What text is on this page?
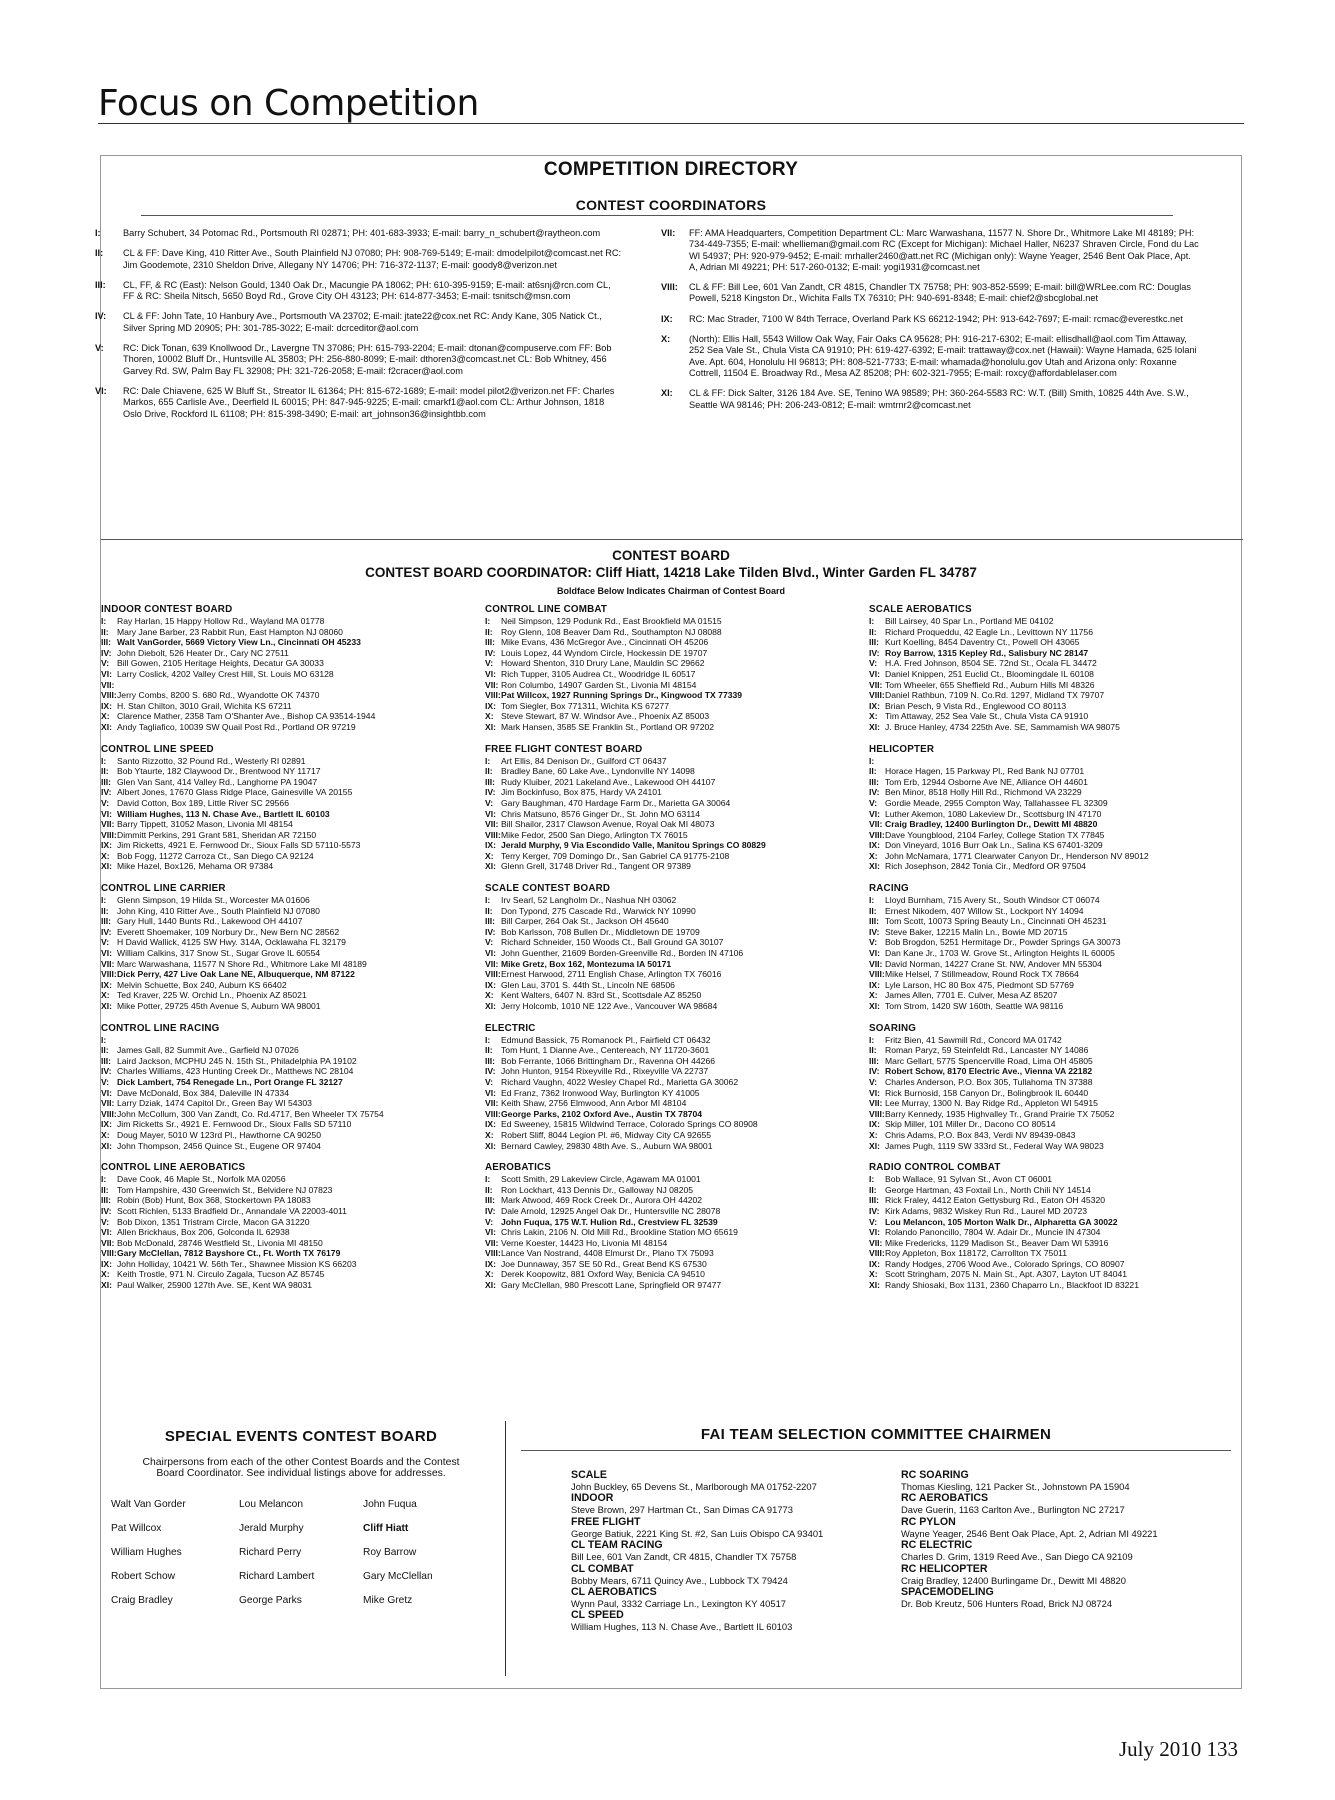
Focus on Competition
COMPETITION DIRECTORY
CONTEST COORDINATORS
I:	Barry Schubert, 34 Potomac Rd., Portsmouth RI 02871; PH: 401-683-3933; E-mail: barry_n_schubert@raytheon.com
II:	CL & FF: Dave King, 410 Ritter Ave., South Plainfield NJ 07080; PH: 908-769-5149; E-mail: dmodelpilot@comcast.net RC: Jim Goodemote, 2310 Sheldon Drive, Allegany NY 14706; PH: 716-372-1137; E-mail: goody8@verizon.net
III:	CL, FF, & RC (East): Nelson Gould, 1340 Oak Dr., Macungie PA 18062; PH: 610-395-9159; E-mail: at6snj@rcn.com CL, FF & RC: Sheila Nitsch, 5650 Boyd Rd., Grove City OH 43123; PH: 614-877-3453; E-mail: tsnitsch@msn.com
IV:	CL & FF: John Tate, 10 Hanbury Ave., Portsmouth VA 23702; E-mail: jtate22@cox.net RC: Andy Kane, 305 Natick Ct., Silver Spring MD 20905; PH: 301-785-3022; E-mail: dcrceditor@aol.com
V:	RC: Dick Tonan, 639 Knollwood Dr., Lavergne TN 37086; PH: 615-793-2204; E-mail: dtonan@compuserve.com FF: Bob Thoren, 10002 Bluff Dr., Huntsville AL 35803; PH: 256-880-8099; E-mail: dthoren3@comcast.net CL: Bob Whitney, 456 Garvey Rd. SW, Palm Bay FL 32908; PH: 321-726-2058; E-mail: f2cracer@aol.com
VI:	RC: Dale Chiavene, 625 W Bluff St., Streator IL 61364; PH: 815-672-1689; E-mail: model pilot2@verizon.net FF: Charles Markos, 655 Carlisle Ave., Deerfield IL 60015; PH: 847-945-9225; E-mail: cmarkf1@aol.com CL: Arthur Johnson, 1818 Oslo Drive, Rockford IL 61108; PH: 815-398-3490; E-mail: art_johnson36@insightbb.com
VII:	FF: AMA Headquarters, Competition Department CL: Marc Warwashana, 11577 N. Shore Dr., Whitmore Lake MI 48189; PH: 734-449-7355; E-mail: whellieman@gmail.com RC (Except for Michigan): Michael Haller, N6237 Shraven Circle, Fond du Lac WI 54937; PH: 920-979-9452; E-mail: mrhaller2460@att.net RC (Michigan only): Wayne Yeager, 2546 Bent Oak Place, Apt. A, Adrian MI 49221; PH: 517-260-0132; E-mail: yogi1931@comcast.net
VIII:	CL & FF: Bill Lee, 601 Van Zandt, CR 4815, Chandler TX 75758; PH: 903-852-5599; E-mail: bill@WRLee.com RC: Douglas Powell, 5218 Kingston Dr., Wichita Falls TX 76310; PH: 940-691-8348; E-mail: chief2@sbcglobal.net
IX:	RC: Mac Strader, 7100 W 84th Terrace, Overland Park KS 66212-1942; PH: 913-642-7697; E-mail: rcmac@everestkc.net
X:	(North): Ellis Hall, 5543 Willow Oak Way, Fair Oaks CA 95628; PH: 916-217-6302; E-mail: ellisdhall@aol.com Tim Attaway, 252 Sea Vale St., Chula Vista CA 91910; PH: 619-427-6392; E-mail: trattaway@cox.net (Hawaii): Wayne Hamada, 625 Iolani Ave. Apt. 604, Honolulu HI 96813; PH: 808-521-7733; E-mail: whamada@honolulu.gov Utah and Arizona only: Roxanne Cottrell, 11504 E. Broadway Rd., Mesa AZ 85208; PH: 602-321-7955; E-mail: roxcy@affordablelaser.com
XI:	CL & FF: Dick Salter, 3126 184 Ave. SE, Tenino WA 98589; PH: 360-264-5583 RC: W.T. (Bill) Smith, 10825 44th Ave. S.W., Seattle WA 98146; PH: 206-243-0812; E-mail: wmtrnr2@comcast.net
CONTEST BOARD
CONTEST BOARD COORDINATOR: Cliff Hiatt, 14218 Lake Tilden Blvd., Winter Garden FL 34787
Boldface Below Indicates Chairman of Contest Board
INDOOR CONTEST BOARD
I:	Ray Harlan, 15 Happy Hollow Rd., Wayland MA 01778
II: Mary Jane Barber, 23 Rabbit Run, East Hampton NJ 08060
III: Walt VanGorder, 5669 Victory View Ln., Cincinnati OH 45233
IV: John Diebolt, 526 Heater Dr., Cary NC 27511
V: Bill Gowen, 2105 Heritage Heights, Decatur GA 30033
VI: Larry Coslick, 4202 Valley Crest Hill, St. Louis MO 63128
VII:
VIII: Jerry Combs, 8200 S. 680 Rd., Wyandotte OK 74370
IX: H. Stan Chilton, 3010 Grail, Wichita KS 67211
X: Clarence Mather, 2358 Tam O'Shanter Ave., Bishop CA 93514-1944
XI: Andy Tagliafico, 10039 SW Quail Post Rd., Portland OR 97219
CONTROL LINE SPEED
I:	Santo Rizzotto, 32 Pound Rd., Westerly RI 02891
II: Bob Ytaurte, 182 Claywood Dr., Brentwood NY 11717
III: Glen Van Sant, 414 Valley Rd., Langhorne PA 19047
IV: Albert Jones, 17670 Glass Ridge Place, Gainesville VA 20155
V: David Cotton, Box 189, Little River SC 29566
VI: William Hughes, 113 N. Chase Ave., Bartlett IL 60103
VII: Barry Tippett, 31052 Mason, Livonia MI 48154
VIII: Dimmitt Perkins, 291 Grant 581, Sheridan AR 72150
IX: Jim Ricketts, 4921 E. Fernwood Dr., Sioux Falls SD 57110-5573
X: Bob Fogg, 11272 Carroza Ct., San Diego CA 92124
XI: Mike Hazel, Box126, Mehama OR 97384
CONTROL LINE CARRIER
I:	Glenn Simpson, 19 Hilda St., Worcester MA 01606
II: John King, 410 Ritter Ave., South Plainfield NJ 07080
III: Gary Hull, 1440 Bunts Rd., Lakewood OH 44107
IV: Everett Shoemaker, 109 Norbury Dr., New Bern NC 28562
V: H David Wallick, 4125 SW Hwy. 314A, Ocklawaha FL 32179
VI: William Calkins, 317 Snow St., Sugar Grove IL 60554
VII: Marc Warwashana, 11577 N Shore Rd., Whitmore Lake MI 48189
VIII: Dick Perry, 427 Live Oak Lane NE, Albuquerque, NM 87122
IX: Melvin Schuette, Box 240, Auburn KS 66402
X: Ted Kraver, 225 W. Orchid Ln., Phoenix AZ 85021
XI: Mike Potter, 29725 45th Avenue S, Auburn WA 98001
CONTROL LINE RACING
I:
II: James Gall, 82 Summit Ave., Garfield NJ 07026
III: Laird Jackson, MCPHU 245 N. 15th St., Philadelphia PA 19102
IV: Charles Williams, 423 Hunting Creek Dr., Matthews NC 28104
V: Dick Lambert, 754 Renegade Ln., Port Orange FL 32127
VI: Dave McDonald, Box 384, Daleville IN 47334
VII: Larry Dziak, 1474 Capitol Dr., Green Bay WI 54303
VIII: John McCollum, 300 Van Zandt, Co. Rd.4717, Ben Wheeler TX 75754
IX: Jim Ricketts Sr., 4921 E. Fernwood Dr., Sioux Falls SD 57110
X: Doug Mayer, 5010 W 123rd Pl., Hawthorne CA 90250
XI: John Thompson, 2456 Quince St., Eugene OR 97404
CONTROL LINE AEROBATICS
I:	Dave Cook, 46 Maple St., Norfolk MA 02056
II: Tom Hampshire, 430 Greenwich St., Belvidere NJ 07823
III: Robin (Bob) Hunt, Box 368, Stockertown PA 18083
IV: Scott Richlen, 5133 Bradfield Dr., Annandale VA 22003-4011
V: Bob Dixon, 1351 Tristram Circle, Macon GA 31220
VI: Allen Brickhaus, Box 206, Golconda IL 62938
VII: Bob McDonald, 28746 Westfield St., Livonia MI 48150
VIII: Gary McClellan, 7812 Bayshore Ct., Ft. Worth TX 76179
IX: John Holliday, 10421 W. 56th Ter., Shawnee Mission KS 66203
X: Keith Trostle, 971 N. Circulo Zagala, Tucson AZ 85745
XI: Paul Walker, 25900 127th Ave. SE, Kent WA 98031
CONTROL LINE COMBAT
I:	Neil Simpson, 129 Podunk Rd., East Brookfield MA 01515
II: Roy Glenn, 108 Beaver Dam Rd., Southampton NJ 08088
III: Mike Evans, 436 McGregor Ave., Cincinnati OH 45206
IV: Louis Lopez, 44 Wyndom Circle, Hockessin DE 19707
V: Howard Shenton, 310 Drury Lane, Mauldin SC 29662
VI: Rich Tupper, 3105 Audrea Ct., Woodridge IL 60517
VII: Ron Columbo, 14907 Garden St., Livonia MI 48154
VIII: Pat Willcox, 1927 Running Springs Dr., Kingwood TX 77339
IX: Tom Siegler, Box 771311, Wichita KS 67277
X: Steve Stewart, 87 W. Windsor Ave., Phoenix AZ 85003
XI: Mark Hansen, 3585 SE Franklin St., Portland OR 97202
FREE FLIGHT CONTEST BOARD
I:	Art Ellis, 84 Denison Dr., Guilford CT 06437
II: Bradley Bane, 60 Lake Ave., Lyndonville NY 14098
III: Rudy Kluiber, 2021 Lakeland Ave., Lakewood OH 44107
IV: Jim Bockinfuso, Box 875, Hardy VA 24101
V: Gary Baughman, 470 Hardage Farm Dr., Marietta GA 30064
VI: Chris Matsuno, 8576 Ginger Dr., St. John MO 63114
VII: Bill Shailor, 2317 Clawson Avenue, Royal Oak MI 48073
VIII: Mike Fedor, 2500 San Diego, Arlington TX 76015
IX: Jerald Murphy, 9 Via Escondido Valle, Manitou Springs CO 80829
X: Terry Kerger, 709 Domingo Dr., San Gabriel CA 91775-2108
XI: Glenn Grell, 31748 Driver Rd., Tangent OR 97389
SCALE CONTEST BOARD
I:	Irv Searl, 52 Langholm Dr., Nashua NH 03062
II: Don Typond, 275 Cascade Rd., Warwick NY 10990
III: Bill Carper, 264 Oak St., Jackson OH 45640
IV: Bob Karlsson, 708 Bullen Dr., Middletown DE 19709
V: Richard Schneider, 150 Woods Ct., Ball Ground GA 30107
VI: John Guenther, 21609 Borden-Greenville Rd., Borden IN 47106
VII: Mike Gretz, Box 162, Montezuma IA 50171
VIII: Ernest Harwood, 2711 English Chase, Arlington TX 76016
IX: Glen Lau, 3701 S. 44th St., Lincoln NE 68506
X: Kent Walters, 6407 N. 83rd St., Scottsdale AZ 85250
XI: Jerry Holcomb, 1010 NE 122 Ave., Vancouver WA 98684
ELECTRIC
I:	Edmund Bassick, 75 Romanock Pl., Fairfield CT 06432
II: Tom Hunt, 1 Dianne Ave., Centereach, NY 11720-3601
III: Bob Ferrante, 1066 Brittingham Dr., Ravenna OH 44266
IV: John Hunton, 9154 Rixeyville Rd., Rixeyville VA 22737
V: Richard Vaughn, 4022 Wesley Chapel Rd., Marietta GA 30062
VI: Ed Franz, 7362 Ironwood Way, Burlington KY 41005
VII: Keith Shaw, 2756 Elmwood, Ann Arbor MI 48104
VIII: George Parks, 2102 Oxford Ave., Austin TX 78704
IX: Ed Sweeney, 15815 Wildwind Terrace, Colorado Springs CO 80908
X: Robert Sliff, 8044 Legion Pl. #6, Midway City CA 92655
XI: Bernard Cawley, 29830 48th Ave. S., Auburn WA 98001
AEROBATICS
I:	Scott Smith, 29 Lakeview Circle, Agawam MA 01001
II: Ron Lockhart, 413 Dennis Dr., Galloway NJ 08205
III: Mark Atwood, 469 Rock Creek Dr., Aurora OH 44202
IV: Dale Arnold, 12925 Angel Oak Dr., Huntersville NC 28078
V: John Fuqua, 175 W.T. Hulion Rd., Crestview FL 32539
VI: Chris Lakin, 2106 N. Old Mill Rd., Brookline Station MO 65619
VII: Verne Koester, 14423 Ho, Livonia MI 48154
VIII: Lance Van Nostrand, 4408 Elmurst Dr., Plano TX 75093
IX: Joe Dunnaway, 357 SE 50 Rd., Great Bend KS 67530
X: Derek Koopowitz, 881 Oxford Way, Benicia CA 94510
XI: Gary McClellan, 980 Prescott Lane, Springfield OR 97477
SCALE AEROBATICS
I:	Bill Lairsey, 40 Spar Ln., Portland ME 04102
II: Richard Proqueddu, 42 Eagle Ln., Levittown NY 11756
III: Kurt Koelling, 8454 Daventry Ct., Powell OH 43065
IV: Roy Barrow, 1315 Kepley Rd., Salisbury NC 28147
V: H.A. Fred Johnson, 8504 SE. 72nd St., Ocala FL 34472
VI: Daniel Knippen, 251 Euclid Ct., Bloomingdale IL 60108
VII: Tom Wheeler, 655 Sheffield Rd., Auburn Hills MI 48326
VIII: Daniel Rathbun, 7109 N. Co.Rd. 1297, Midland TX 79707
IX: Brian Pesch, 9 Vista Rd., Englewood CO 80113
X: Tim Attaway, 252 Sea Vale St., Chula Vista CA 91910
XI: J. Bruce Hanley, 4734 225th Ave. SE, Sammamish WA 98075
HELICOPTER
I:
II: Horace Hagen, 15 Parkway Pl., Red Bank NJ 07701
III: Tom Erb, 12944 Osborne Ave NE, Alliance OH 44601
IV: Ben Minor, 8518 Holly Hill Rd., Richmond VA 23229
V: Gordie Meade, 2955 Compton Way, Tallahassee FL 32309
VI: Luther Akemon, 1080 Lakeview Dr., Scottsburg IN 47170
VII: Craig Bradley, 12400 Burlington Dr., Dewitt MI 48820
VIII: Dave Youngblood, 2104 Farley, College Station TX 77845
IX: Don Vineyard, 1016 Burr Oak Ln., Salina KS 67401-3209
X: John McNamara, 1771 Clearwater Canyon Dr., Henderson NV 89012
XI: Rich Josephson, 2842 Tonia Cir., Medford OR 97504
RACING
I:	Lloyd Burnham, 715 Avery St., South Windsor CT 06074
II: Ernest Nikodem, 407 Willow St., Lockport NY 14094
III: Tom Scott, 10073 Spring Beauty Ln., Cincinnati OH 45231
IV: Steve Baker, 12215 Malin Ln., Bowie MD 20715
V: Bob Brogdon, 5251 Hermitage Dr., Powder Springs GA 30073
VI: Dan Kane Jr., 1703 W. Grove St., Arlington Heights IL 60005
VII: David Norman, 14227 Crane St. NW, Andover MN 55304
VIII: Mike Helsel, 7 Stillmeadow, Round Rock TX 78664
IX: Lyle Larson, HC 80 Box 475, Piedmont SD 57769
X: James Allen, 7701 E. Culver, Mesa AZ 85207
XI: Tom Strom, 1420 SW 160th, Seattle WA 98116
SOARING
I:	Fritz Bien, 41 Sawmill Rd., Concord MA 01742
II: Roman Paryz, 59 Steinfeldt Rd., Lancaster NY 14086
III: Marc Gellart, 5775 Spencerville Road, Lima OH 45805
IV: Robert Schow, 8170 Electric Ave., Vienna VA 22182
V: Charles Anderson, P.O. Box 305, Tullahoma TN 37388
VI: Rick Burnosid, 158 Canyon Dr., Bolingbrook IL 60440
VII: Lee Murray, 1300 N. Bay Ridge Rd., Appleton WI 54915
VIII: Barry Kennedy, 1935 Highvalley Tr., Grand Prairie TX 75052
IX: Skip Miller, 101 Miller Dr., Dacono CO 80514
X: Chris Adams, P.O. Box 843, Verdi NV 89439-0843
XI: James Pugh, 1119 SW 333rd St., Federal Way WA 98023
RADIO CONTROL COMBAT
I:	Bob Wallace, 91 Sylvan St., Avon CT 06001
II: George Hartman, 43 Foxtail Ln., North Chili NY 14514
III: Rick Fraley, 4412 Eaton Gettysburg Rd., Eaton OH 45320
IV: Kirk Adams, 9832 Wiskey Run Rd., Laurel MD 20723
V: Lou Melancon, 105 Morton Walk Dr., Alpharetta GA 30022
VI: Rolando Panoncillo, 7804 W. Adair Dr., Muncie IN 47304
VII: Mike Fredericks, 1129 Madison St., Beaver Dam WI 53916
VIII: Roy Appleton, Box 118172, Carrollton TX 75011
IX: Randy Hodges, 2706 Wood Ave., Colorado Springs, CO 80907
X: Scott Stringham, 2075 N. Main St., Apt. A307, Layton UT 84041
XI: Randy Shiosaki, Box 1131, 2360 Chaparro Ln., Blackfoot ID 83221
SPECIAL EVENTS CONTEST BOARD

Chairpersons from each of the other Contest Boards and the Contest Board Coordinator. See individual listings above for addresses.

Walt Van Gorder	Lou Melancon	John Fuqua
Pat Willcox	Jerald Murphy	Cliff Hiatt
William Hughes	Richard Perry	Roy Barrow
Robert Schow	Richard Lambert	Gary McClellan
Craig Bradley	George Parks	Mike Gretz
FAI TEAM SELECTION COMMITTEE CHAIRMEN
SCALE
John Buckley, 65 Devens St., Marlborough MA 01752-2207
INDOOR
Steve Brown, 297 Hartman Ct., San Dimas CA 91773
FREE FLIGHT
George Batiuk, 2221 King St. #2, San Luis Obispo CA 93401
CL TEAM RACING
Bill Lee, 601 Van Zandt, CR 4815, Chandler TX 75758
CL COMBAT
Bobby Mears, 6711 Quincy Ave., Lubbock TX 79424
CL AEROBATICS
Wynn Paul, 3332 Carriage Ln., Lexington KY 40517
CL SPEED
William Hughes, 113 N. Chase Ave., Bartlett IL 60103
RC SOARING
Thomas Kiesling, 121 Packer St., Johnstown PA 15904
RC AEROBATICS
Dave Guerin, 1163 Carlton Ave., Burlington NC 27217
RC PYLON
Wayne Yeager, 2546 Bent Oak Place, Apt. 2, Adrian MI 49221
RC ELECTRIC
Charles D. Grim, 1319 Reed Ave., San Diego CA 92109
RC HELICOPTER
Craig Bradley, 12400 Burlingame Dr., Dewitt MI 48820
SPACEMODELING
Dr. Bob Kreutz, 506 Hunters Road, Brick NJ 08724
July 2010 133
